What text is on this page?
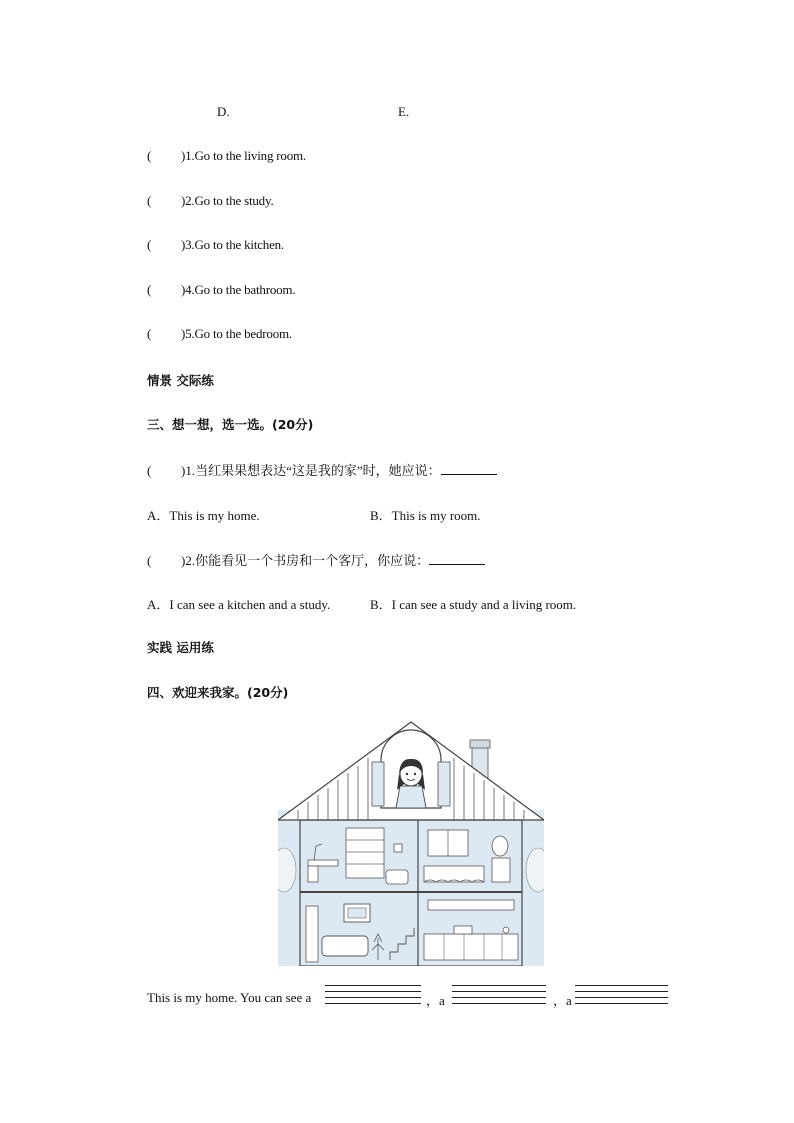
D.	E.
( )1.Go to the living room.
( )2.Go to the study.
( )3.Go to the kitchen.
( )4.Go to the bathroom.
( )5.Go to the bedroom.
情景 交际练
三、想一想，选一选。(20分)
( )1.当红果果想表达“这是我的家”时，她应说：
A．This is my home.	B．This is my room.
( )2.你能看见一个书房和一个客厅，你应说：
A．I can see a kitchen and a study.	B．I can see a study and a living room.
实践 运用练
四、欢迎来我家。(20分)
This is my home. You can see a	，a	，a
